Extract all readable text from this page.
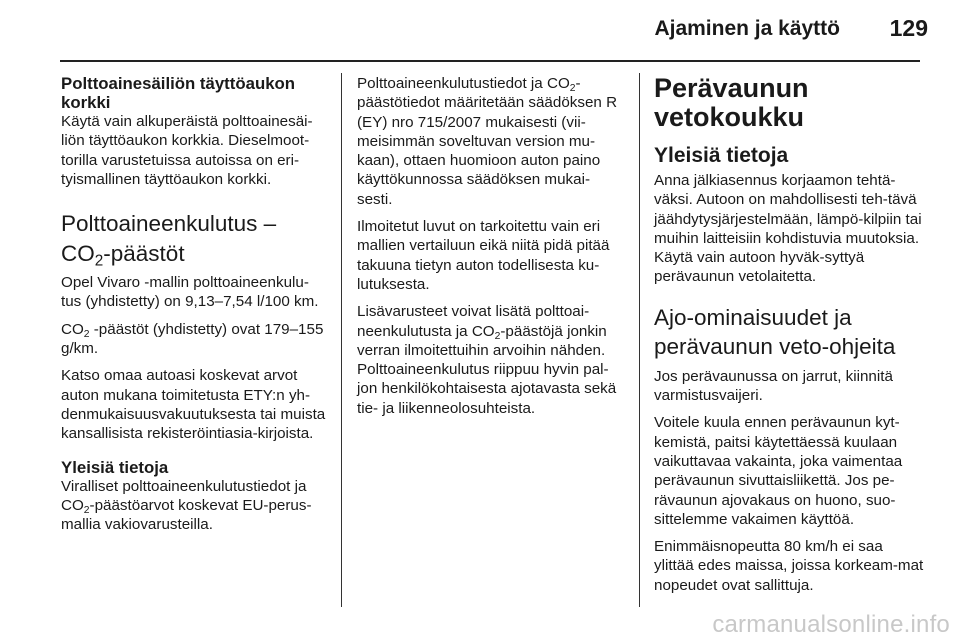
Ajaminen ja käyttö 129
Polttoainesäiliön täyttöaukon korkki

Käytä vain alkuperäistä polttoainesäi-liön täyttöaukon korkkia. Dieselmoot-torilla varustetuissa autoissa on eri-tyismallinen täyttöaukon korkki.

Polttoaineenkulutus –
$CO_2$-päästöt

Opel Vivaro -mallin polttoaineenkulu-tus (yhdistetty) on 9,13–7,54 l/100 km.

$CO_2$ -päästöt (yhdistetty) ovat 179–155 g/km.

Katso omaa autoasi koskevat arvot auton mukana toimitetusta ETY:n yh-denmukaisuusvakuutuksesta tai muista kansallisista rekisteröintiasia-kirjoista.

Yleisiä tietoja

Viralliset polttoaineenkulutustiedot ja $CO_2$-päästöarvot koskevat EU-perus-mallia vakiovarusteilla.

Polttoaineenkulutustiedot ja $CO_2$-päästötiedot määritetään säädöksen R (EY) nro 715/2007 mukaisesti (vii-meisimmän soveltuvan version mu-kaan), ottaen huomioon auton paino käyttökunnossa säädöksen mukai-sesti.

Ilmoitetut luvut on tarkoitettu vain eri mallien vertailuun eikä niitä pidä pitää takuuna tietyn auton todellisesta ku-lutuksesta.

Lisävarusteet voivat lisätä polttoai-neenkulutusta ja $CO_2$-päästöjä jonkin verran ilmoitettuihin arvoihin nähden. Polttoaineenkulutus riippuu hyvin pal-jon henkilökohtaisesta ajotavasta sekä tie- ja liikenneolosuhteista.

Perävaunun vetokoukku
Yleisiä tietoja

Anna jälkiasennus korjaamon tehtä-väksi. Autoon on mahdollisesti teh-tävä jäähdytysjärjestelmään, lämpö-kilpiin tai muihin laitteisiin kohdistuvia muutoksia. Käytä vain autoon hyväk-syttyä perävaunun vetolaitetta.

Ajo-ominaisuudet ja perävaunun veto-ohjeita

Jos perävaunussa on jarrut, kiinnitä varmistusvaijeri.

Voitele kuula ennen perävaunun kyt-kemistä, paitsi käytettäessä kuulaan vaikuttavaa vakainta, joka vaimentaa perävaunun sivuttaisliikettä. Jos pe-rävaunun ajovakaus on huono, suo-sittelemme vakaimen käyttöä.

Enimmäisnopeutta 80 km/h ei saa ylittää edes maissa, joissa korkeam-mat nopeudet ovat sallittuja.

carmanualsonline.info
